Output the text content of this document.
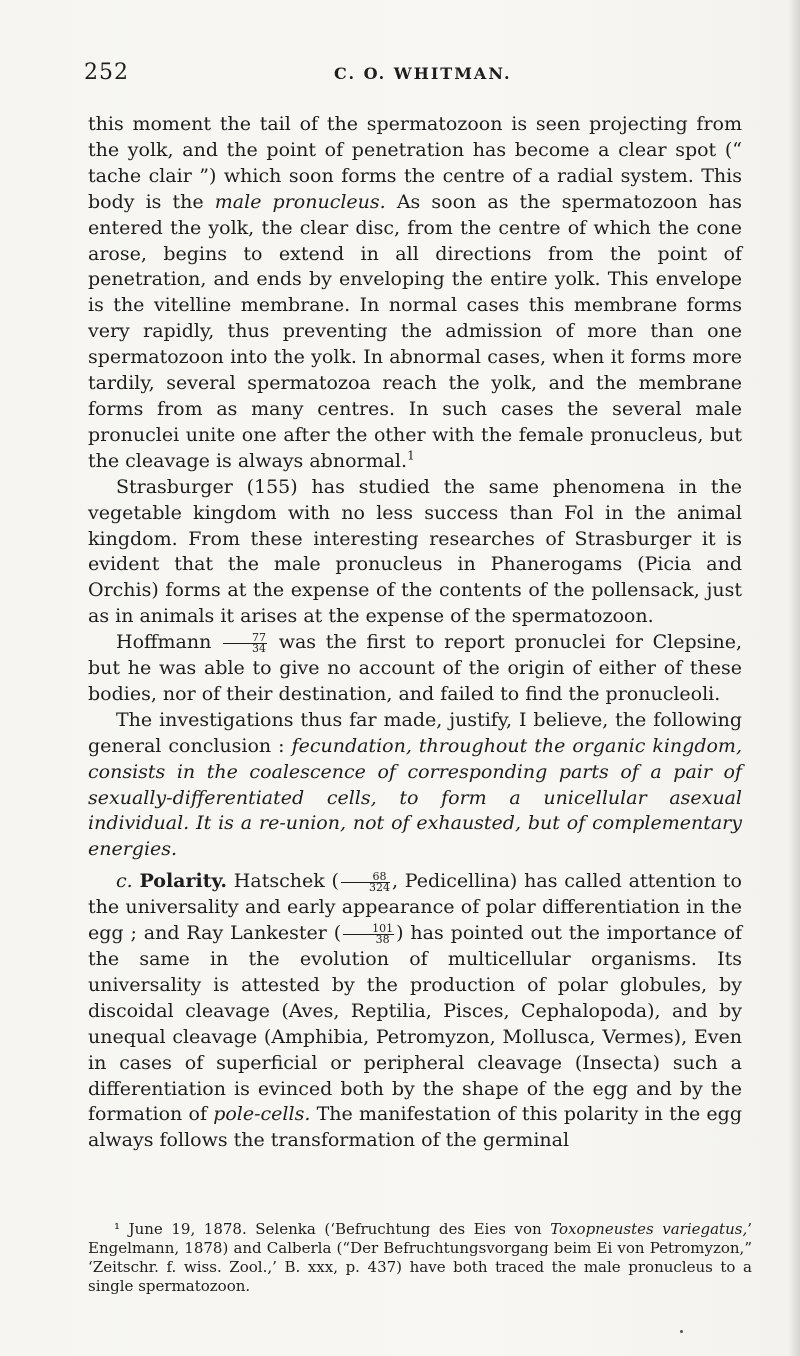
252	C. O. WHITMAN.

this moment the tail of the spermatozoon is seen projecting from the yolk, and the point of penetration has become a clear spot (“ tache clair ”) which soon forms the centre of a radial system. This body is the male pronucleus. As soon as the spermatozoon has entered the yolk, the clear disc, from the centre of which the cone arose, begins to extend in all directions from the point of penetration, and ends by enveloping the entire yolk. This envelope is the vitelline membrane. In normal cases this membrane forms very rapidly, thus preventing the admission of more than one spermatozoon into the yolk. In abnormal cases, when it forms more tardily, several spermatozoa reach the yolk, and the membrane forms from as many centres. In such cases the several male pronuclei unite one after the other with the female pronucleus, but the cleavage is always abnormal.$^1$

Strasburger (155) has studied the same phenomena in the vegetable kingdom with no less success than Fol in the animal kingdom. From these interesting researches of Strasburger it is evident that the male pronucleus in Phanerogams (Picia and Orchis) forms at the expense of the contents of the pollensack, just as in animals it arises at the expense of the spermatozoon.

Hoffmann $\frac{77}{34}$ was the first to report pronuclei for Clepsine, but he was able to give no account of the origin of either of these bodies, nor of their destination, and failed to find the pronucleoli.

The investigations thus far made, justify, I believe, the following general conclusion : fecundation, throughout the organic kingdom, consists in the coalescence of corresponding parts of a pair of sexually-differentiated cells, to form a unicellular asexual individual. It is a re-union, not of exhausted, but of complementary energies.

c. Polarity. Hatschek ( $\frac{68}{324}$ , Pedicellina) has called attention to the universality and early appearance of polar differentiation in the egg ; and Ray Lankester ( $\frac{101}{38}$ ) has pointed out the importance of the same in the evolution of multicellular organisms. Its universality is attested by the production of polar globules, by discoidal cleavage (Aves, Reptilia, Pisces, Cephalopoda), and by unequal cleavage (Amphibia, Petromyzon, Mollusca, Vermes), Even in cases of superficial or peripheral cleavage (Insecta) such a differentiation is evinced both by the shape of the egg and by the formation of pole-cells. The manifestation of this polarity in the egg always follows the transformation of the germinal

¹ June 19, 1878. Selenka (‘Befruchtung des Eies von Toxopneustes variegatus,’ Engelmann, 1878) and Calberla (“Der Befruchtungsvorgang beim Ei von Petromyzon,” ‘Zeitschr. f. wiss. Zool.,’ B. xxx, p. 437) have both traced the male pronucleus to a single spermatozoon.
